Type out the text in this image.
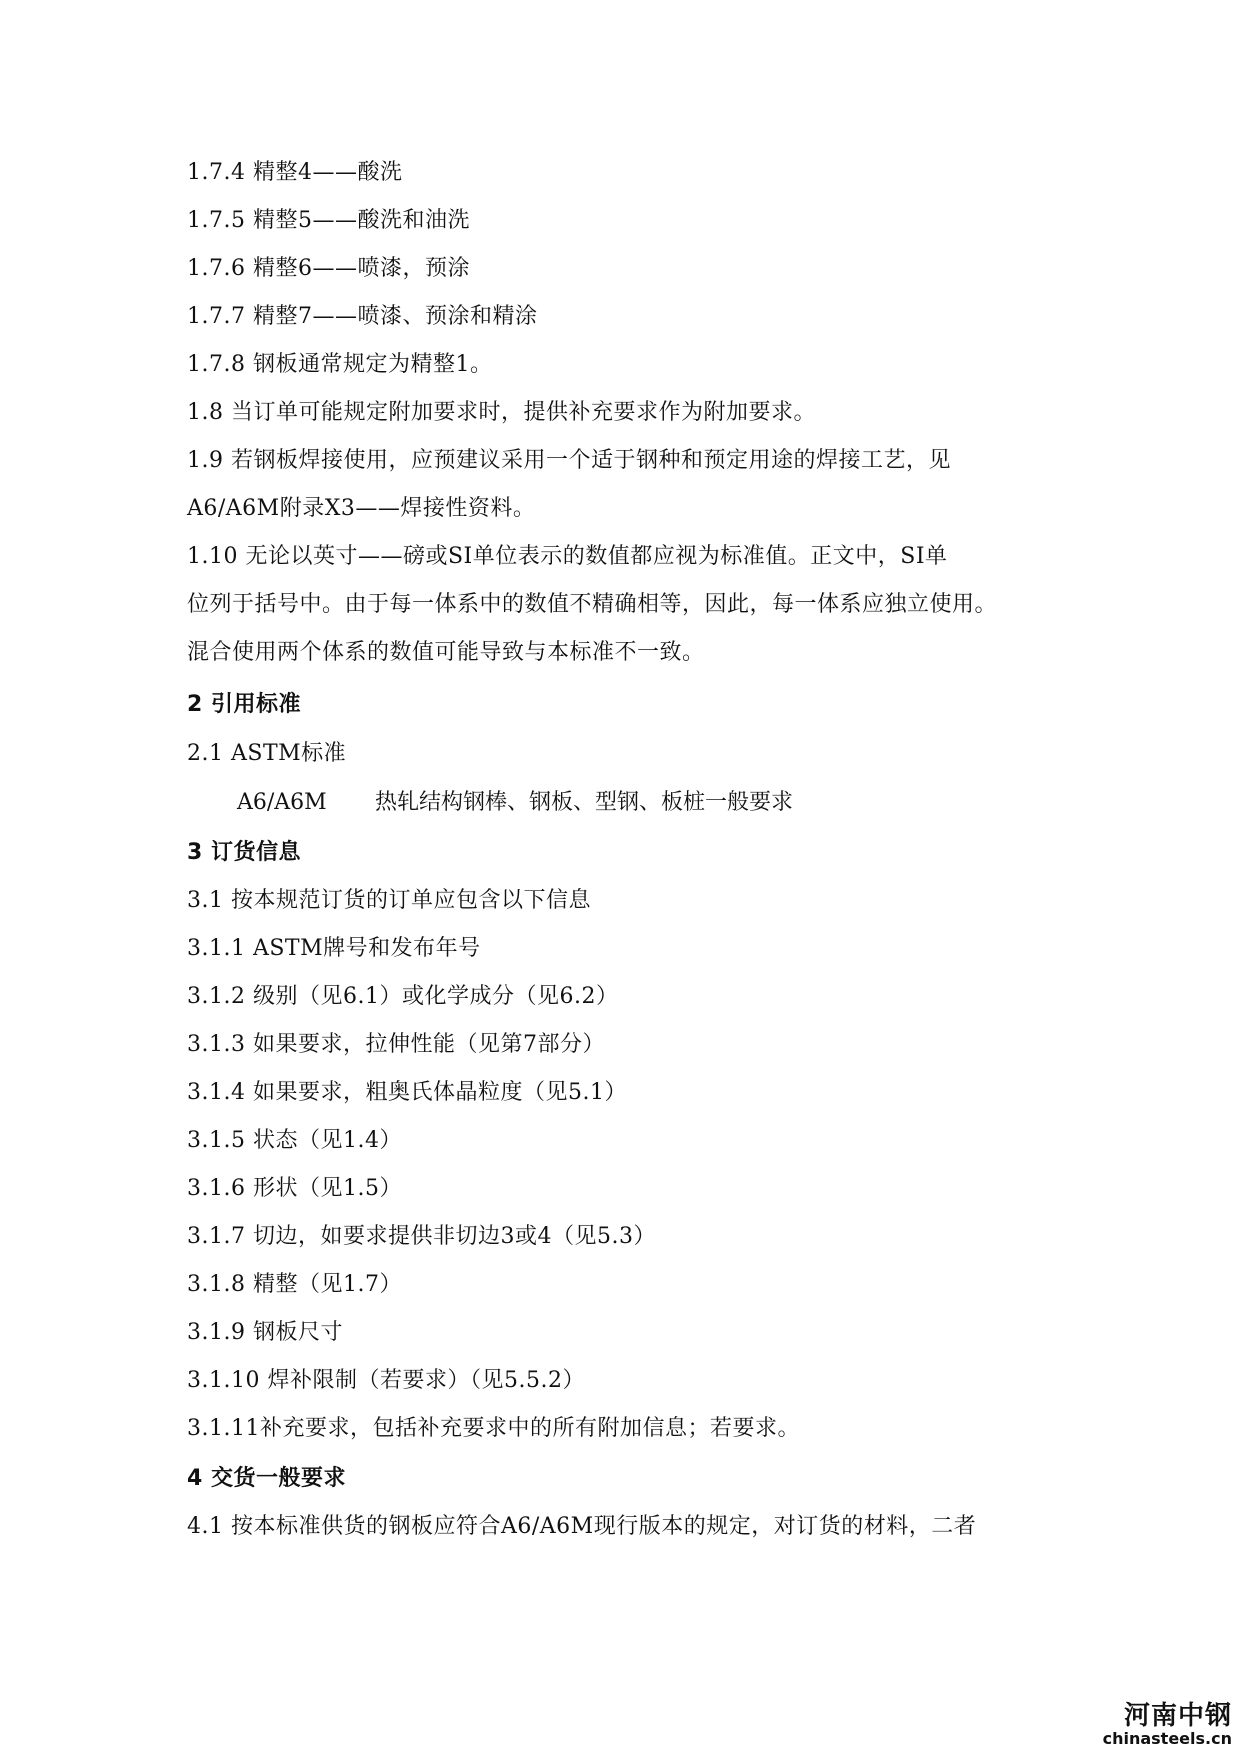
1.7.4 精整4——酸洗
1.7.5 精整5——酸洗和油洗
1.7.6 精整6——喷漆，预涂
1.7.7 精整7——喷漆、预涂和精涂
1.7.8 钢板通常规定为精整1。
1.8 当订单可能规定附加要求时，提供补充要求作为附加要求。
1.9 若钢板焊接使用，应预建议采用一个适于钢种和预定用途的焊接工艺，见
A6/A6M附录X3——焊接性资料。
1.10 无论以英寸——磅或SI单位表示的数值都应视为标准值。正文中，SI单
位列于括号中。由于每一体系中的数值不精确相等，因此，每一体系应独立使用。
混合使用两个体系的数值可能导致与本标准不一致。
2 引用标准
2.1 ASTM标准
A6/A6M 热轧结构钢棒、钢板、型钢、板桩一般要求
3 订货信息
3.1 按本规范订货的订单应包含以下信息
3.1.1 ASTM牌号和发布年号
3.1.2 级别（见6.1）或化学成分（见6.2）
3.1.3 如果要求，拉伸性能（见第7部分）
3.1.4 如果要求，粗奥氏体晶粒度（见5.1）
3.1.5 状态（见1.4）
3.1.6 形状（见1.5）
3.1.7 切边，如要求提供非切边3或4（见5.3）
3.1.8 精整（见1.7）
3.1.9 钢板尺寸
3.1.10 焊补限制（若要求）（见5.5.2）
3.1.11补充要求，包括补充要求中的所有附加信息；若要求。
4 交货一般要求
4.1 按本标准供货的钢板应符合A6/A6M现行版本的规定，对订货的材料，二者
河南中钢
chinasteels.cn
